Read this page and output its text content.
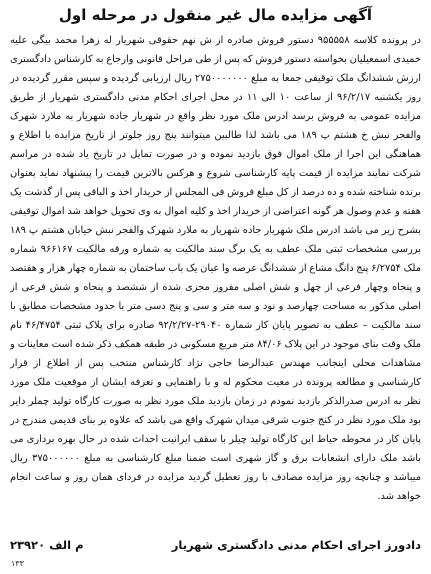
آگهی مزایده مال غیر منقول در مرحله اول

در پرونده کلاسه ۹۵۵۵۵۸ دستور فروش صادره از ش نهم حقوقی شهریار له زهرا محمد بیگی علیه خمیدی اسمعیلیان بخواسته دستور فروش که پس از طی مراحل قانونی وارجاع به کارشناس دادگستری ارزش ششدانگ ملک توقیفی جمعا به مبلغ ۲۷۵۰۰۰۰۰۰۰ ریال ارزیابی گردیده و سپس مقرر گردیده در روز یکشنبه ۹۶/۲/۱۷ از ساعت ۱۰ الی ۱۱ در محل اجرای احکام مدنی دادگستری شهریار از طریق مزایده عمومی به فروش برسد ادرس ملک مورد نظر واقع در شهریار جاده شهریار به ملارد شهرک والفجر نبش خ هشتم پ ۱۸۹ می باشد لذا طالبین میتوانند پنج روز جلوتر از تاریخ مزایده با اطلاع و هماهنگی این اجرا از ملک اموال فوق بازدید نموده و در صورت تمایل در تاریخ یاد شده در مراسم شرکت نمایند مزایده از قیمت پایه کارشناسی شروع و هرکس بالاترین قیمت را پیشنهاد نماید بعنوان برنده شناخته شده و ده درصد از کل مبلغ فروش فی المجلس از خریدار اخذ و الباقی پس از گذشت یک هفته و عدم وصول هر گونه اعتراضی از خریدار اخذ و کلیه اموال به وی تحویل خواهد شد اموال توقیفی بشرح زیر می باشد ادرس ملک شهریار جاده شهریار به ملارد شهرک والفجر نبش خیابان هشتم پ ۱۸۹ بررسی مشخصات ثبتی ملک عطف به یک برگ سند مالکیت به شماره ورقه مالکیت ۹۶۶۱۶۷ شماره ملک ۶/۲۷۵۴ پنج دانگ مشاع از ششدانگ عرصه وا عیان یک باب ساختمان به شماره چهار هزار و هفتصد و پنجاه وچهار فرعی از چهل و شش اصلی مفروز مجزی شده از ششصد و پنجاه و شش فرعی از اصلی مذکور به مساحت چهارصد و نود و سه متر و سی و پنج دسی متر با حدود مشخصات مطابق با سند مالکیت – عطف به تصویر پایان کار شماره ۲۹۰۴۰-۹۲/۲/۲۷ صادره برای پلاک ثبتی ۴۶/۴۷۵۴ نام ملک وقت بنای موجود در این پلاک ۸۴/۰۶ متر مربع مسکونی در طبقه همکف ذکر شده است معاینات و مشاهدات محلی اینجانب مهندس عبدالرضا حاجی نژاد کارشناس منتخب پس از اطلاع از قرار کارشناسی و مطالعه پرونده در معیت محکوم له و با راهنمایی و تعرفه ایشان از موقعیت ملک مورد نظر به ادرس صدرالذکر بازدید نمودم در زمان بازدید ملک مورد نظر به صورت کارگاه تولید چملر دایر بود ملک مورد نظر در کنج جنوب شرقی میدان شهرک واقع می باشد که علاوه بر بنای قدیمی مندرج در پایان کار در محوطه حیاط این کارگاه تولید چیلر با سقف ایرانیت احداث شده در حال بهره برداری می باشد ملک دارای انشعابات برق و گاز شهری است ضمنا مبلغ کارشناسی به مبلغ ۳۷۵۰۰۰۰۰۰ ریال میباشد و چنانچه روز مزایده مصادف با روز تعطیل گردید مزایده در فردای همان روز و ساعت انجام خواهد شد.

دادورز اجرای احکام مدنی دادگستری شهریار
م الف ۲۳۹۲۰
۱۳۳
